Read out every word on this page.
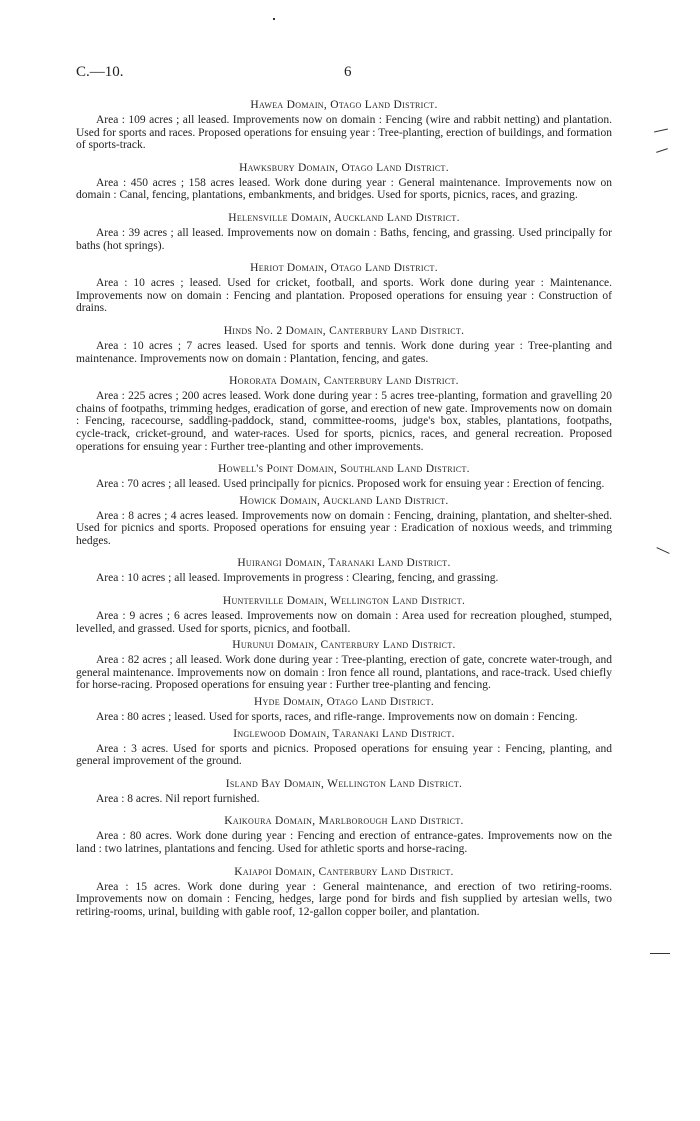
C.—10.	6
Hawea Domain, Otago Land District.

Area : 109 acres ; all leased. Improvements now on domain : Fencing (wire and rabbit netting) and plantation. Used for sports and races. Proposed operations for ensuing year : Tree-planting, erection of buildings, and formation of sports-track.

Hawksbury Domain, Otago Land District.

Area : 450 acres ; 158 acres leased. Work done during year : General maintenance. Improvements now on domain : Canal, fencing, plantations, embankments, and bridges. Used for sports, picnics, races, and grazing.

Helensville Domain, Auckland Land District.

Area : 39 acres ; all leased. Improvements now on domain : Baths, fencing, and grassing. Used principally for baths (hot springs).

Heriot Domain, Otago Land District.

Area : 10 acres ; leased. Used for cricket, football, and sports. Work done during year : Maintenance. Improvements now on domain : Fencing and plantation. Proposed operations for ensuing year : Construction of drains.

Hinds No. 2 Domain, Canterbury Land District.

Area : 10 acres ; 7 acres leased. Used for sports and tennis. Work done during year : Tree-planting and maintenance. Improvements now on domain : Plantation, fencing, and gates.

Hororata Domain, Canterbury Land District.

Area : 225 acres ; 200 acres leased. Work done during year : 5 acres tree-planting, formation and gravelling 20 chains of footpaths, trimming hedges, eradication of gorse, and erection of new gate. Improvements now on domain : Fencing, racecourse, saddling-paddock, stand, committee-rooms, judge's box, stables, plantations, footpaths, cycle-track, cricket-ground, and water-races. Used for sports, picnics, races, and general recreation. Proposed operations for ensuing year : Further tree-planting and other improvements.

Howell's Point Domain, Southland Land District.

Area : 70 acres ; all leased. Used principally for picnics. Proposed work for ensuing year : Erection of fencing.

Howick Domain, Auckland Land District.

Area : 8 acres ; 4 acres leased. Improvements now on domain : Fencing, draining, plantation, and shelter-shed. Used for picnics and sports. Proposed operations for ensuing year : Eradication of noxious weeds, and trimming hedges.

Huirangi Domain, Taranaki Land District.

Area : 10 acres ; all leased. Improvements in progress : Clearing, fencing, and grassing.

Hunterville Domain, Wellington Land District.

Area : 9 acres ; 6 acres leased. Improvements now on domain : Area used for recreation ploughed, stumped, levelled, and grassed. Used for sports, picnics, and football.

Hurunui Domain, Canterbury Land District.

Area : 82 acres ; all leased. Work done during year : Tree-planting, erection of gate, concrete water-trough, and general maintenance. Improvements now on domain : Iron fence all round, plantations, and race-track. Used chiefly for horse-racing. Proposed operations for ensuing year : Further tree-planting and fencing.

Hyde Domain, Otago Land District.

Area : 80 acres ; leased. Used for sports, races, and rifle-range. Improvements now on domain : Fencing.

Inglewood Domain, Taranaki Land District.

Area : 3 acres. Used for sports and picnics. Proposed operations for ensuing year : Fencing, planting, and general improvement of the ground.

Island Bay Domain, Wellington Land District.

Area : 8 acres. Nil report furnished.

Kaikoura Domain, Marlborough Land District.

Area : 80 acres. Work done during year : Fencing and erection of entrance-gates. Improvements now on the land : two latrines, plantations and fencing. Used for athletic sports and horse-racing.

Kaiapoi Domain, Canterbury Land District.

Area : 15 acres. Work done during year : General maintenance, and erection of two retiring-rooms. Improvements now on domain : Fencing, hedges, large pond for birds and fish supplied by artesian wells, two retiring-rooms, urinal, building with gable roof, 12-gallon copper boiler, and plantation.
